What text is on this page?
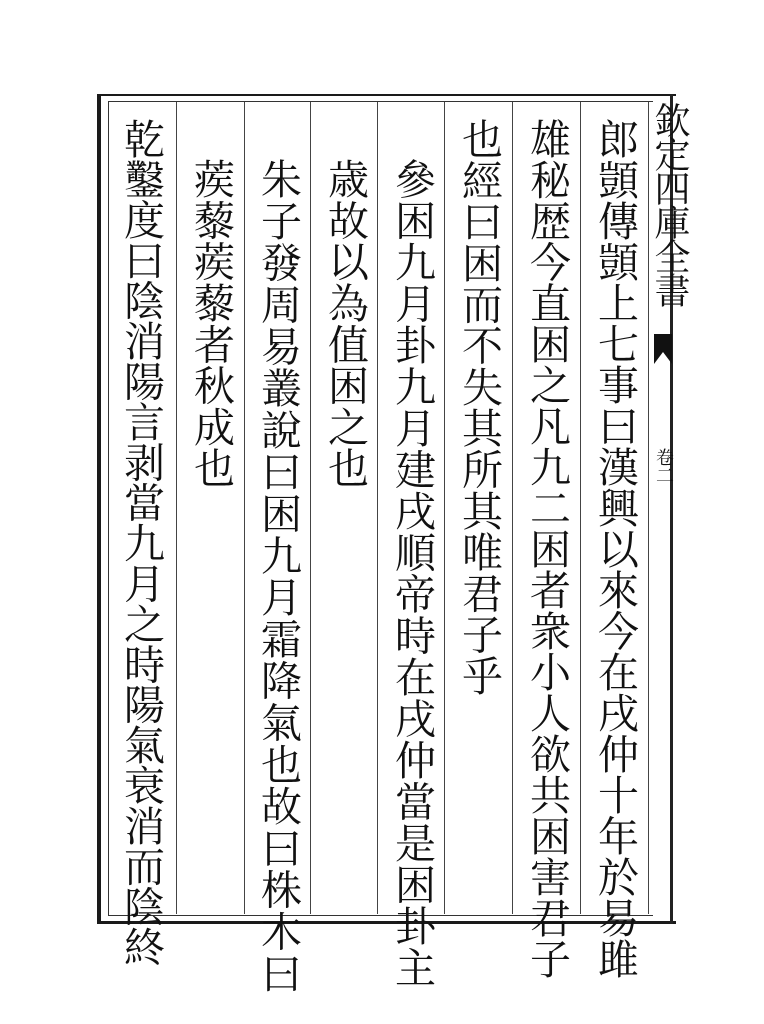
欽定四庫全書
卷二
郎顗傳顗上七事曰漢興以來今在戌仲十年於易雎
雄秘歴今直困之凡九二困者衆小人欲共困害君子
也經曰困而不失其所其唯君子乎
參困九月卦九月建戌順帝時在戌仲當是困卦主
歳故以為值困之也
朱子發周易叢說曰困九月霜降氣也故曰株木曰
蒺藜蒺藜者秋成也
乾鑿度曰陰消陽言剥當九月之時陽氣衰消而陰終
